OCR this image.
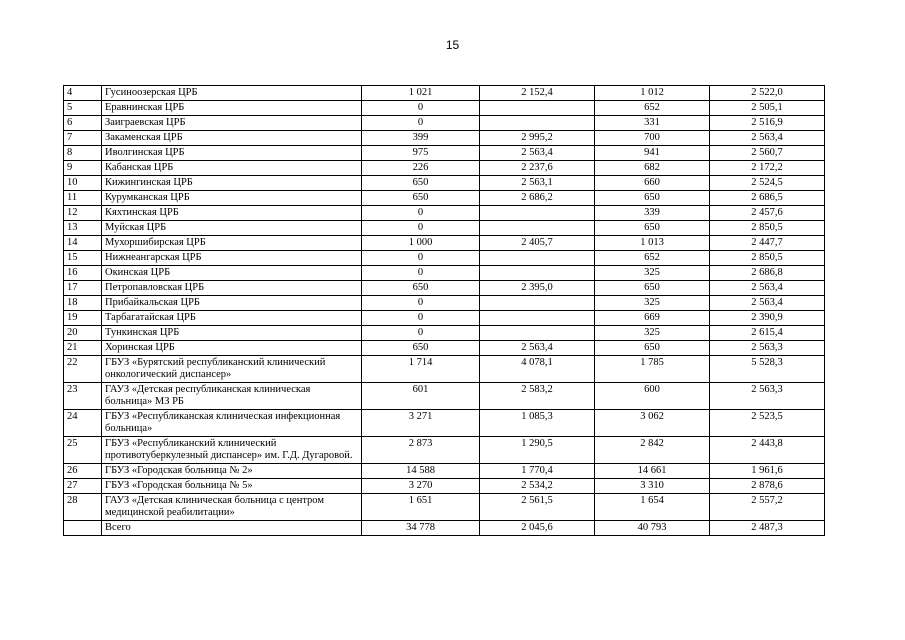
15
4	Гусиноозерская ЦРБ	1 021	2 152,4	1 012	2 522,0
5	Еравнинская ЦРБ	0		652	2 505,1
6	Заиграевская ЦРБ	0		331	2 516,9
7	Закаменская ЦРБ	399	2 995,2	700	2 563,4
8	Иволгинская ЦРБ	975	2 563,4	941	2 560,7
9	Кабанская ЦРБ	226	2 237,6	682	2 172,2
10	Кижингинская ЦРБ	650	2 563,1	660	2 524,5
11	Курумканская ЦРБ	650	2 686,2	650	2 686,5
12	Кяхтинская ЦРБ	0		339	2 457,6
13	Муйская ЦРБ	0		650	2 850,5
14	Мухоршибирская ЦРБ	1 000	2 405,7	1 013	2 447,7
15	Нижнеангарская ЦРБ	0		652	2 850,5
16	Окинская ЦРБ	0		325	2 686,8
17	Петропавловская ЦРБ	650	2 395,0	650	2 563,4
18	Прибайкальская ЦРБ	0		325	2 563,4
19	Тарбагатайская ЦРБ	0		669	2 390,9
20	Тункинская ЦРБ	0		325	2 615,4
21	Хоринская ЦРБ	650	2 563,4	650	2 563,3
22	ГБУЗ «Бурятский республиканский клинический онкологический диспансер»	1 714	4 078,1	1 785	5 528,3
23	ГАУЗ «Детская республиканская клиническая больница» МЗ РБ	601	2 583,2	600	2 563,3
24	ГБУЗ «Республиканская клиническая инфекционная больница»	3 271	1 085,3	3 062	2 523,5
25	ГБУЗ «Республиканский клинический противотуберкулезный диспансер» им. Г.Д. Дугаровой.	2 873	1 290,5	2 842	2 443,8
26	ГБУЗ «Городская больница № 2»	14 588	1 770,4	14 661	1 961,6
27	ГБУЗ «Городская больница № 5»	3 270	2 534,2	3 310	2 878,6
28	ГАУЗ «Детская клиническая больница с центром медицинской реабилитации»	1 651	2 561,5	1 654	2 557,2
	Всего	34 778	2 045,6	40 793	2 487,3
